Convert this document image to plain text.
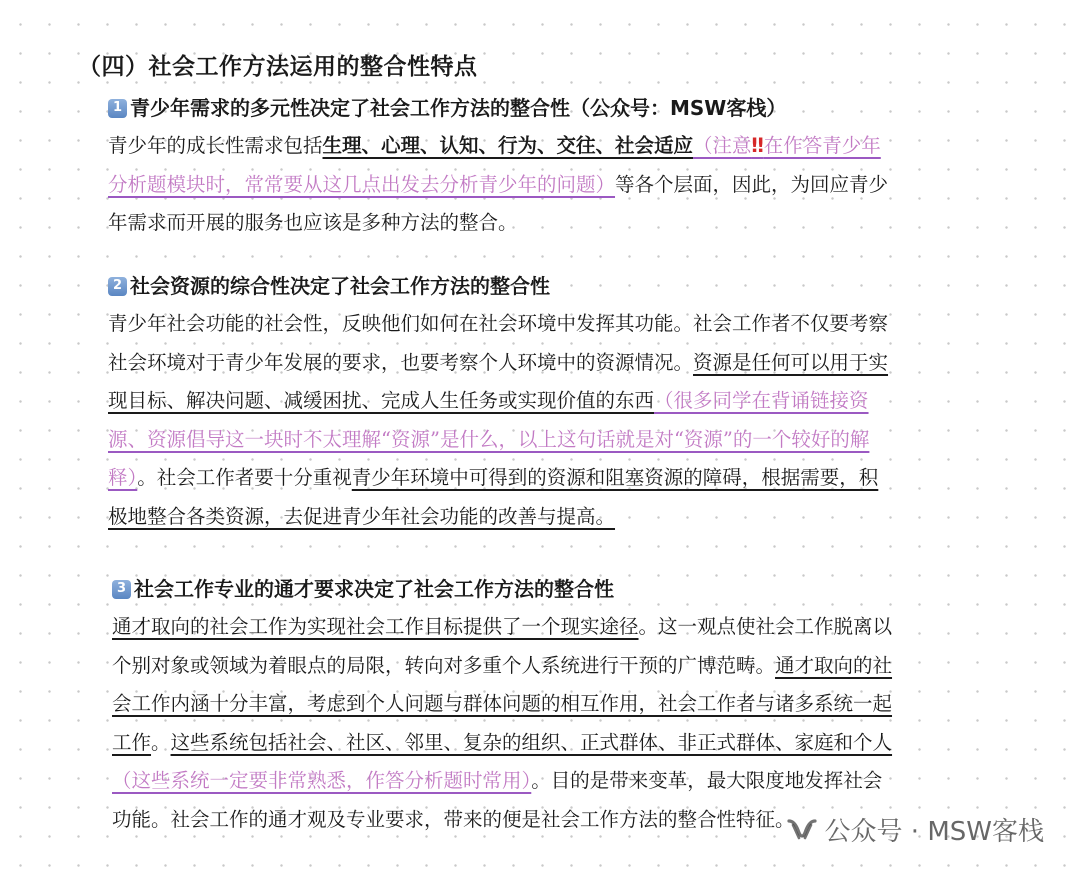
（四）社会工作方法运用的整合性特点
1 青少年需求的多元性决定了社会工作方法的整合性（公众号：MSW客栈）
青少年的成长性需求包括生理、心理、认知、行为、交往、社会适应（注意‼在作答青少年
分析题模块时，常常要从这几点出发去分析青少年的问题）等各个层面，因此，为回应青少
年需求而开展的服务也应该是多种方法的整合。
2 社会资源的综合性决定了社会工作方法的整合性
青少年社会功能的社会性，反映他们如何在社会环境中发挥其功能。社会工作者不仅要考察
社会环境对于青少年发展的要求，也要考察个人环境中的资源情况。资源是任何可以用于实
现目标、解决问题、减缓困扰、完成人生任务或实现价值的东西（很多同学在背诵链接资
源、资源倡导这一块时不太理解“资源”是什么，以上这句话就是对“资源”的一个较好的解
释）。社会工作者要十分重视青少年环境中可得到的资源和阻塞资源的障碍，根据需要，积
极地整合各类资源，去促进青少年社会功能的改善与提高。
3 社会工作专业的通才要求决定了社会工作方法的整合性
通才取向的社会工作为实现社会工作目标提供了一个现实途径。这一观点使社会工作脱离以
个别对象或领域为着眼点的局限，转向对多重个人系统进行干预的广博范畴。通才取向的社
会工作内涵十分丰富，考虑到个人问题与群体问题的相互作用，社会工作者与诸多系统一起
工作。这些系统包括社会、社区、邻里、复杂的组织、正式群体、非正式群体、家庭和个人
（这些系统一定要非常熟悉，作答分析题时常用）。目的是带来变革，最大限度地发挥社会
功能。社会工作的通才观及专业要求，带来的便是社会工作方法的整合性特征。	公众号 · MSW客栈
